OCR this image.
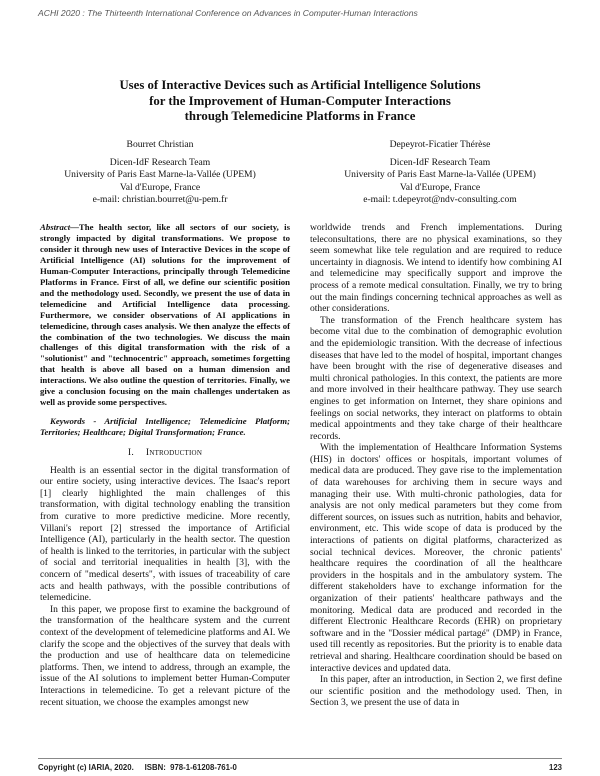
ACHI 2020 : The Thirteenth International Conference on Advances in Computer-Human Interactions
Uses of Interactive Devices such as Artificial Intelligence Solutions
for the Improvement of Human-Computer Interactions
through Telemedicine Platforms in France
Bourret Christian
Dicen-IdF Research Team
University of Paris East Marne-la-Vallée (UPEM)
Val d'Europe, France
e-mail: christian.bourret@u-pem.fr
Depeyrot-Ficatier Thérèse
Dicen-IdF Research Team
University of Paris East Marne-la-Vallée (UPEM)
Val d'Europe, France
e-mail: t.depeyrot@ndv-consulting.com

Abstract—The health sector, like all sectors of our society, is strongly impacted by digital transformations. We propose to consider it through new uses of Interactive Devices in the scope of Artificial Intelligence (AI) solutions for the improvement of Human-Computer Interactions, principally through Telemedicine Platforms in France. First of all, we define our scientific position and the methodology used. Secondly, we present the use of data in telemedicine and Artificial Intelligence data processing. Furthermore, we consider observations of AI applications in telemedicine, through cases analysis. We then analyze the effects of the combination of the two technologies. We discuss the main challenges of this digital transformation with the risk of a "solutionist" and "technocentric" approach, sometimes forgetting that health is above all based on a human dimension and interactions. We also outline the question of territories. Finally, we give a conclusion focusing on the main challenges undertaken as well as provide some perspectives.

Keywords - Artificial Intelligence; Telemedicine Platform; Territories; Healthcare; Digital Transformation; France.

I. Introduction

Health is an essential sector in the digital transformation of our entire society, using interactive devices. The Isaac's report [1] clearly highlighted the main challenges of this transformation, with digital technology enabling the transition from curative to more predictive medicine. More recently, Villani's report [2] stressed the importance of Artificial Intelligence (AI), particularly in the health sector. The question of health is linked to the territories, in particular with the subject of social and territorial inequalities in health [3], with the concern of "medical deserts", with issues of traceability of care acts and health pathways, with the possible contributions of telemedicine.

In this paper, we propose first to examine the background of the transformation of the healthcare system and the current context of the development of telemedicine platforms and AI. We clarify the scope and the objectives of the survey that deals with the production and use of healthcare data on telemedicine platforms. Then, we intend to address, through an example, the issue of the AI solutions to implement better Human-Computer Interactions in telemedicine. To get a relevant picture of the recent situation, we choose the examples amongst new

worldwide trends and French implementations. During teleconsultations, there are no physical examinations, so they seem somewhat like tele regulation and are required to reduce uncertainty in diagnosis. We intend to identify how combining AI and telemedicine may specifically support and improve the process of a remote medical consultation. Finally, we try to bring out the main findings concerning technical approaches as well as other considerations.

The transformation of the French healthcare system has become vital due to the combination of demographic evolution and the epidemiologic transition. With the decrease of infectious diseases that have led to the model of hospital, important changes have been brought with the rise of degenerative diseases and multi chronical pathologies. In this context, the patients are more and more involved in their healthcare pathway. They use search engines to get information on Internet, they share opinions and feelings on social networks, they interact on platforms to obtain medical appointments and they take charge of their healthcare records.

With the implementation of Healthcare Information Systems (HIS) in doctors' offices or hospitals, important volumes of medical data are produced. They gave rise to the implementation of data warehouses for archiving them in secure ways and managing their use. With multi-chronic pathologies, data for analysis are not only medical parameters but they come from different sources, on issues such as nutrition, habits and behavior, environment, etc. This wide scope of data is produced by the interactions of patients on digital platforms, characterized as social technical devices. Moreover, the chronic patients' healthcare requires the coordination of all the healthcare providers in the hospitals and in the ambulatory system. The different stakeholders have to exchange information for the organization of their patients' healthcare pathways and the monitoring. Medical data are produced and recorded in the different Electronic Healthcare Records (EHR) on proprietary software and in the "Dossier médical partagé" (DMP) in France, used till recently as repositories. But the priority is to enable data retrieval and sharing. Healthcare coordination should be based on interactive devices and updated data.

In this paper, after an introduction, in Section 2, we first define our scientific position and the methodology used. Then, in Section 3, we present the use of data in

Copyright (c) IARIA, 2020.     ISBN:  978-1-61208-761-0	123
